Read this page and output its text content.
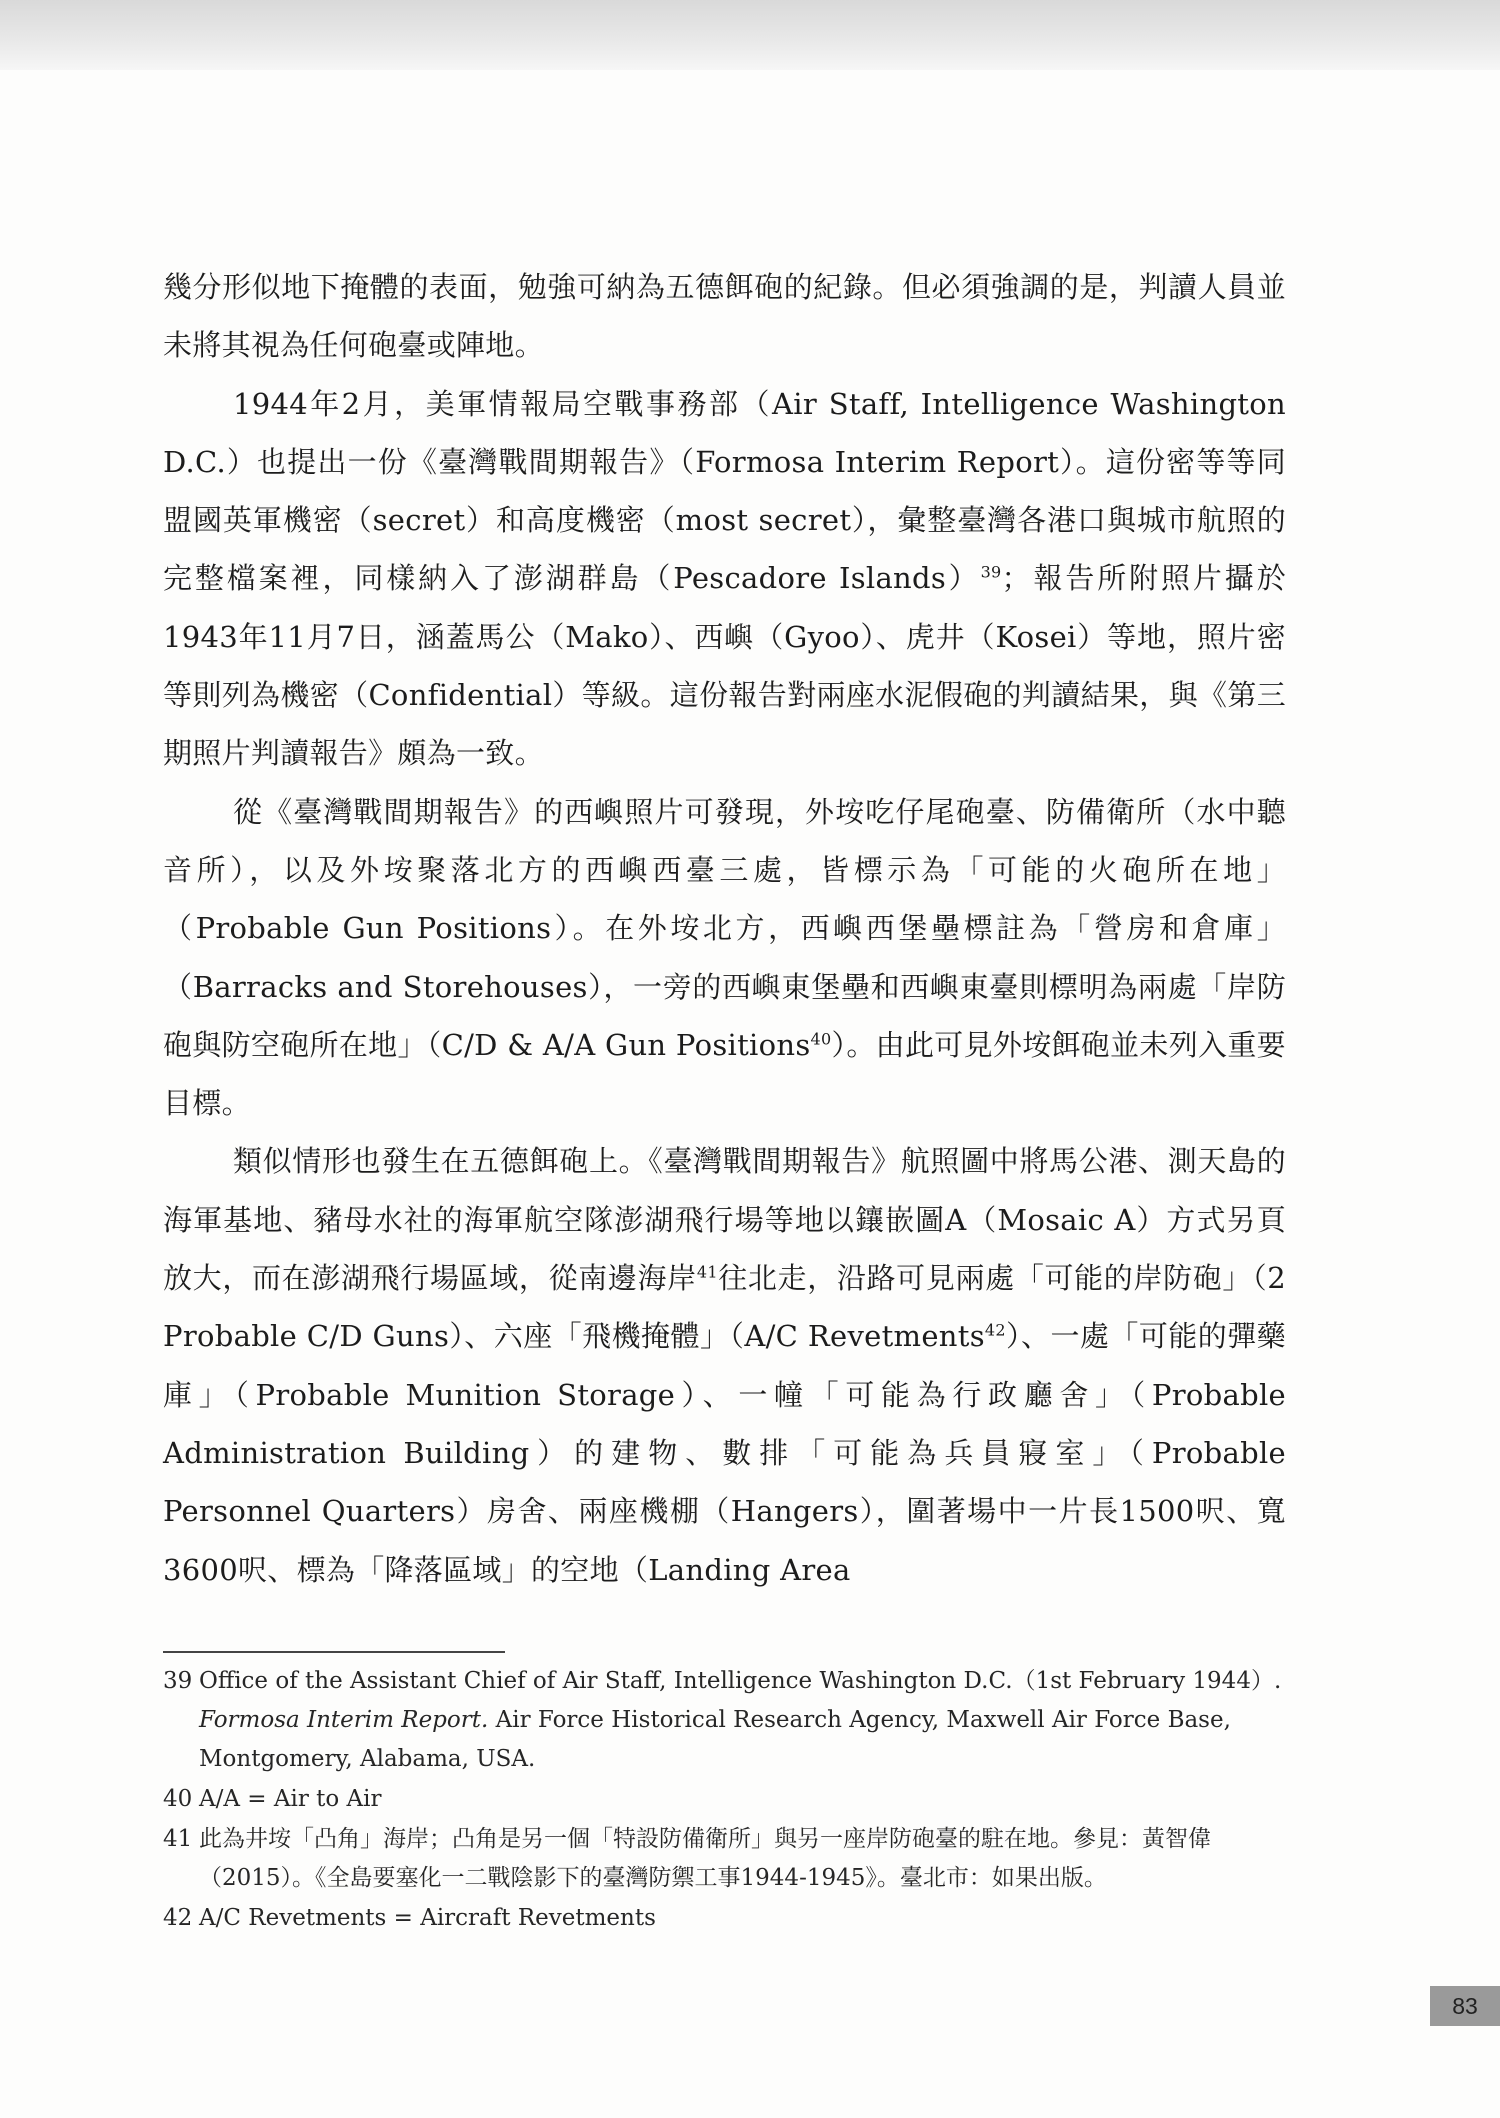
幾分形似地下掩體的表面，勉強可納為五德餌砲的紀錄。但必須強調的是，判讀人員並未將其視為任何砲臺或陣地。

1944年2月，美軍情報局空戰事務部（Air Staff, Intelligence Washington D.C.）也提出一份《臺灣戰間期報告》（Formosa Interim Report）。這份密等等同盟國英軍機密（secret）和高度機密（most secret），彙整臺灣各港口與城市航照的完整檔案裡，同樣納入了澎湖群島（Pescadore Islands）$^{39}$；報告所附照片攝於1943年11月7日，涵蓋馬公（Mako）、西嶼（Gyoo）、虎井（Kosei）等地，照片密等則列為機密（Confidential）等級。這份報告對兩座水泥假砲的判讀結果，與《第三期照片判讀報告》頗為一致。

從《臺灣戰間期報告》的西嶼照片可發現，外垵吃仔尾砲臺、防備衛所（水中聽音所），以及外垵聚落北方的西嶼西臺三處，皆標示為「可能的火砲所在地」（Probable Gun Positions）。在外垵北方，西嶼西堡壘標註為「營房和倉庫」（Barracks and Storehouses），一旁的西嶼東堡壘和西嶼東臺則標明為兩處「岸防砲與防空砲所在地」（C/D & A/A Gun Positions$^{40}$）。由此可見外垵餌砲並未列入重要目標。

類似情形也發生在五德餌砲上。《臺灣戰間期報告》航照圖中將馬公港、測天島的海軍基地、豬母水社的海軍航空隊澎湖飛行場等地以鑲嵌圖A（Mosaic A）方式另頁放大，而在澎湖飛行場區域，從南邊海岸$^{41}$往北走，沿路可見兩處「可能的岸防砲」（2 Probable C/D Guns）、六座「飛機掩體」（A/C Revetments$^{42}$）、一處「可能的彈藥庫」（Probable Munition Storage）、一幢「可能為行政廳舍」（Probable Administration Building）的建物、數排「可能為兵員寢室」（Probable Personnel Quarters）房舍、兩座機棚（Hangers），圍著場中一片長1500呎、寬 3600呎、標為「降落區域」的空地（Landing Area

39 Office of the Assistant Chief of Air Staff, Intelligence Washington D.C.（1st February 1944）. Formosa Interim Report. Air Force Historical Research Agency, Maxwell Air Force Base, Montgomery, Alabama, USA.

40 A/A = Air to Air

41 此為井垵「凸角」海岸；凸角是另一個「特設防備衛所」與另一座岸防砲臺的駐在地。參見：黃智偉（2015）。《全島要塞化一二戰陰影下的臺灣防禦工事1944-1945》。臺北市：如果出版。

42 A/C Revetments = Aircraft Revetments

83
